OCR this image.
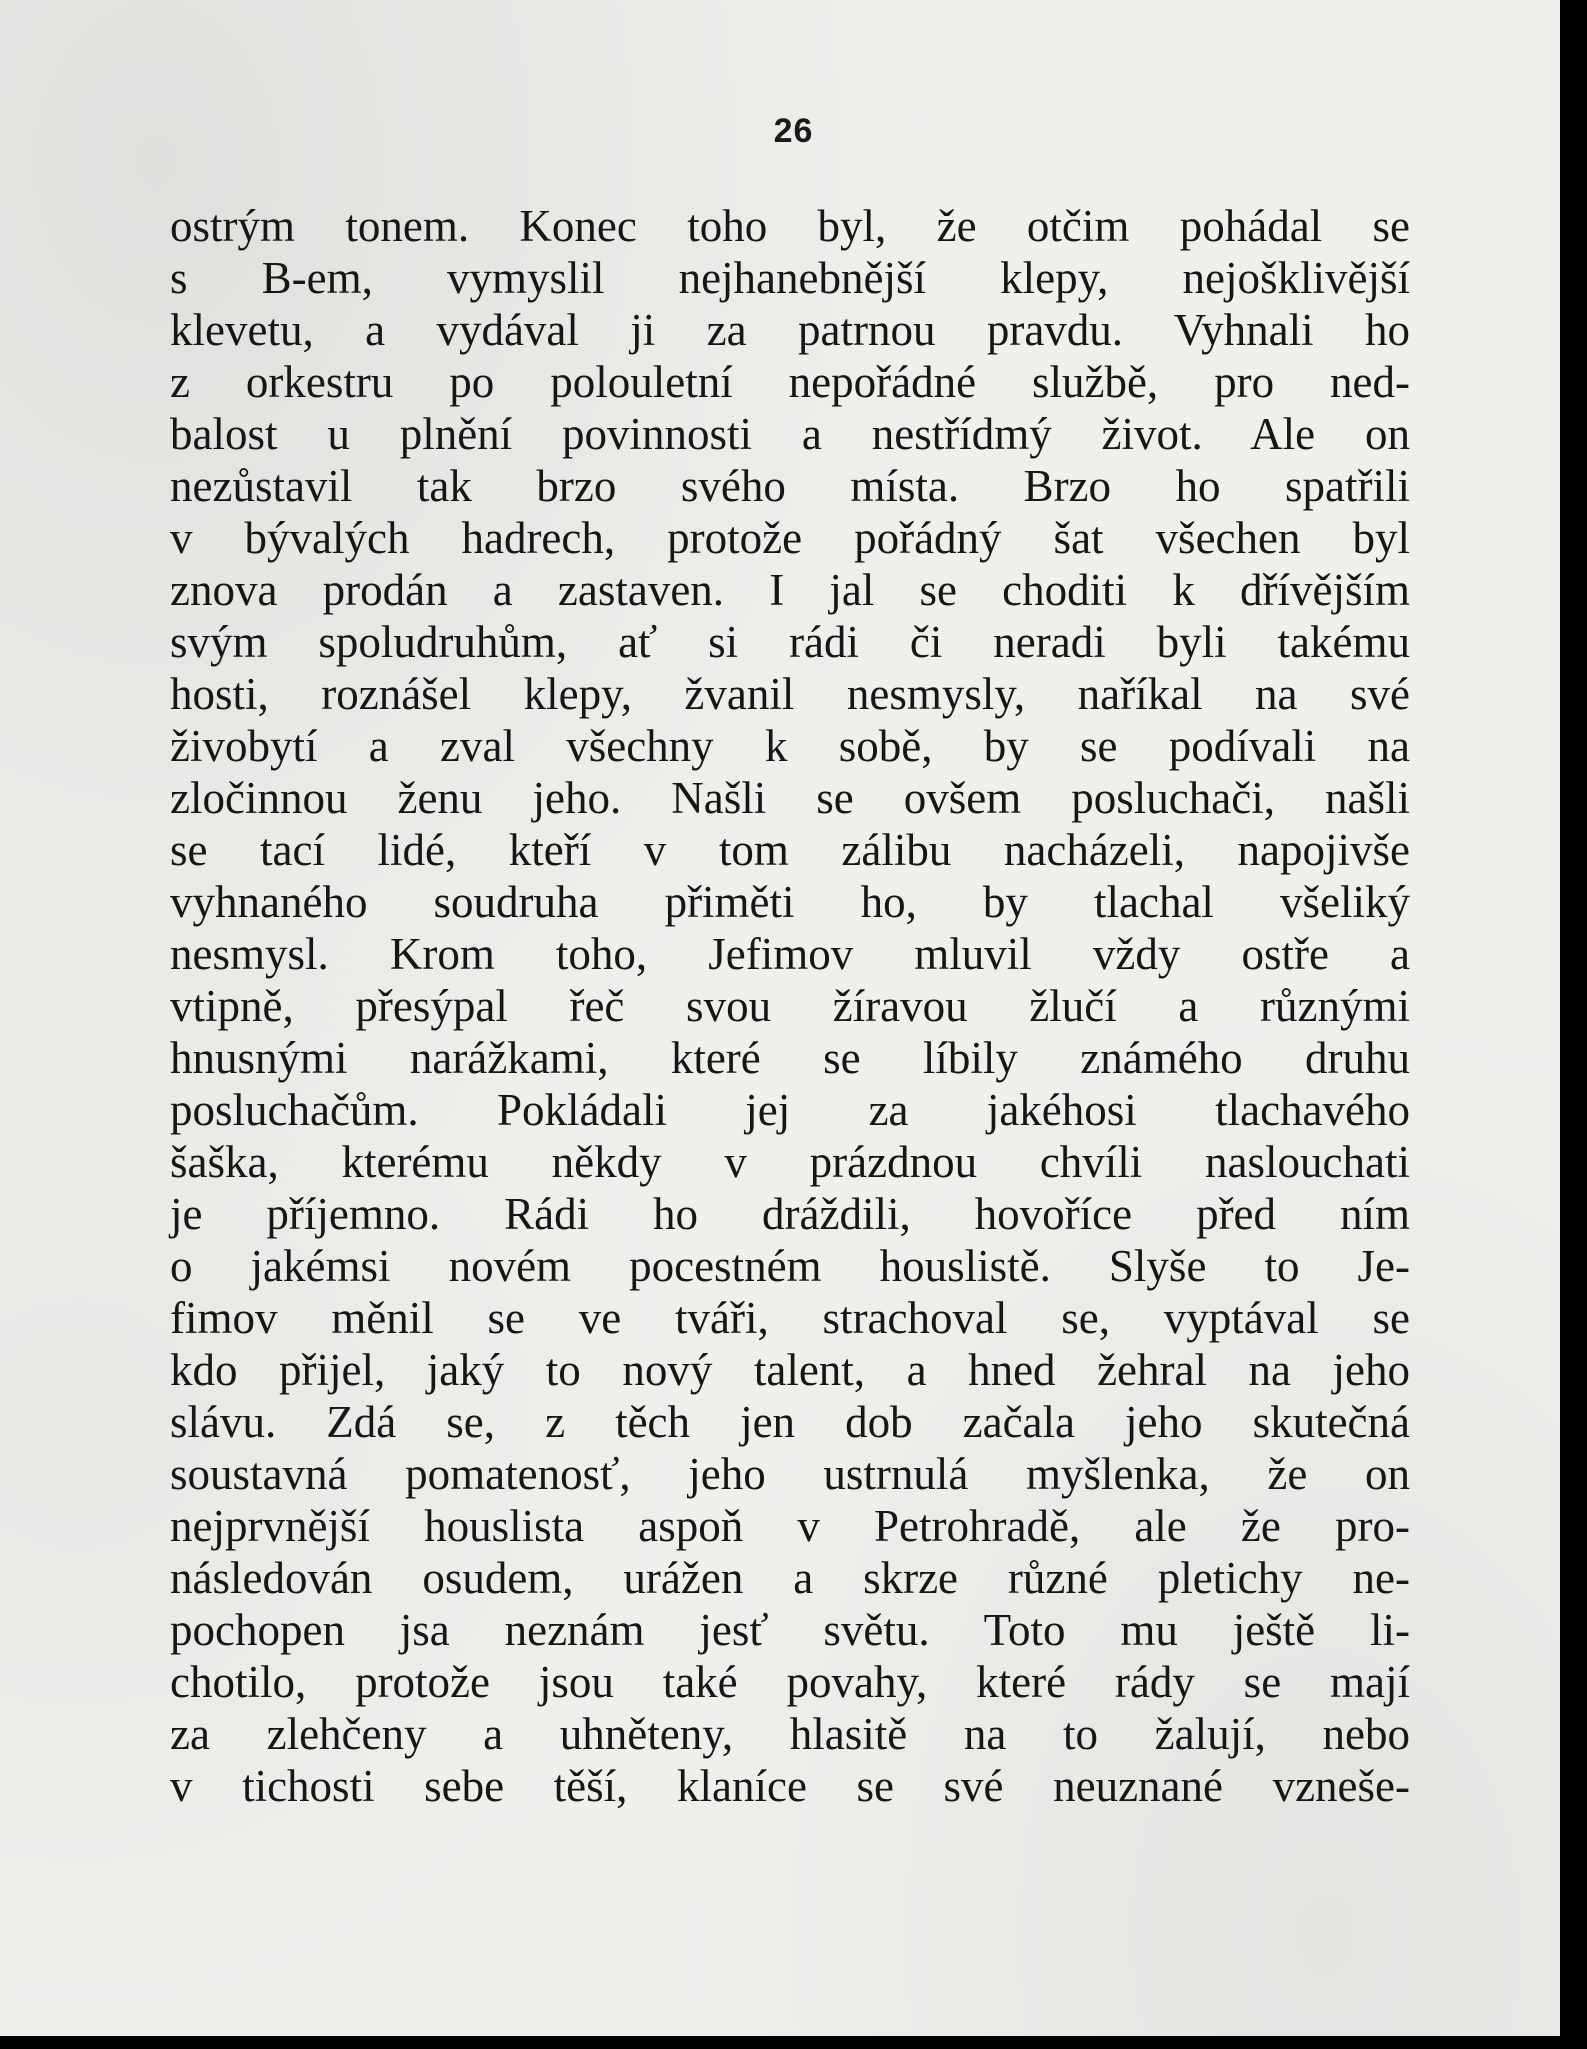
26
ostrým tonem. Konec toho byl, že otčim pohádal se
s B-em, vymyslil nejhanebnější klepy, nejošklivější
klevetu, a vydával ji za patrnou pravdu. Vyhnali ho
z orkestru po polouletní nepořádné službě, pro ned-
balost u plnění povinnosti a nestřídmý život. Ale on
nezůstavil tak brzo svého místa. Brzo ho spatřili
v bývalých hadrech, protože pořádný šat všechen byl
znova prodán a zastaven. I jal se choditi k dřívějším
svým spoludruhům, ať si rádi či neradi byli takému
hosti, roznášel klepy, žvanil nesmysly, naříkal na své
živobytí a zval všechny k sobě, by se podívali na
zločinnou ženu jeho. Našli se ovšem posluchači, našli
se tací lidé, kteří v tom zálibu nacházeli, napojivše
vyhnaného soudruha přiměti ho, by tlachal všeliký
nesmysl. Krom toho, Jefimov mluvil vždy ostře a
vtipně, přesýpal řeč svou žíravou žlučí a různými
hnusnými narážkami, které se líbily známého druhu
posluchačům. Pokládali jej za jakéhosi tlachavého
šaška, kterému někdy v prázdnou chvíli naslouchati
je příjemno. Rádi ho dráždili, hovoříce před ním
o jakémsi novém pocestném houslistě. Slyše to Je-
fimov měnil se ve tváři, strachoval se, vyptával se
kdo přijel, jaký to nový talent, a hned žehral na jeho
slávu. Zdá se, z těch jen dob začala jeho skutečná
soustavná pomatenosť, jeho ustrnulá myšlenka, že on
nejprvnější houslista aspoň v Petrohradě, ale že pro-
následován osudem, urážen a skrze různé pletichy ne-
pochopen jsa neznám jesť světu. Toto mu ještě li-
chotilo, protože jsou také povahy, které rády se mají
za zlehčeny a uhněteny, hlasitě na to žalují, nebo
v tichosti sebe těší, klaníce se své neuznané vzneše-
